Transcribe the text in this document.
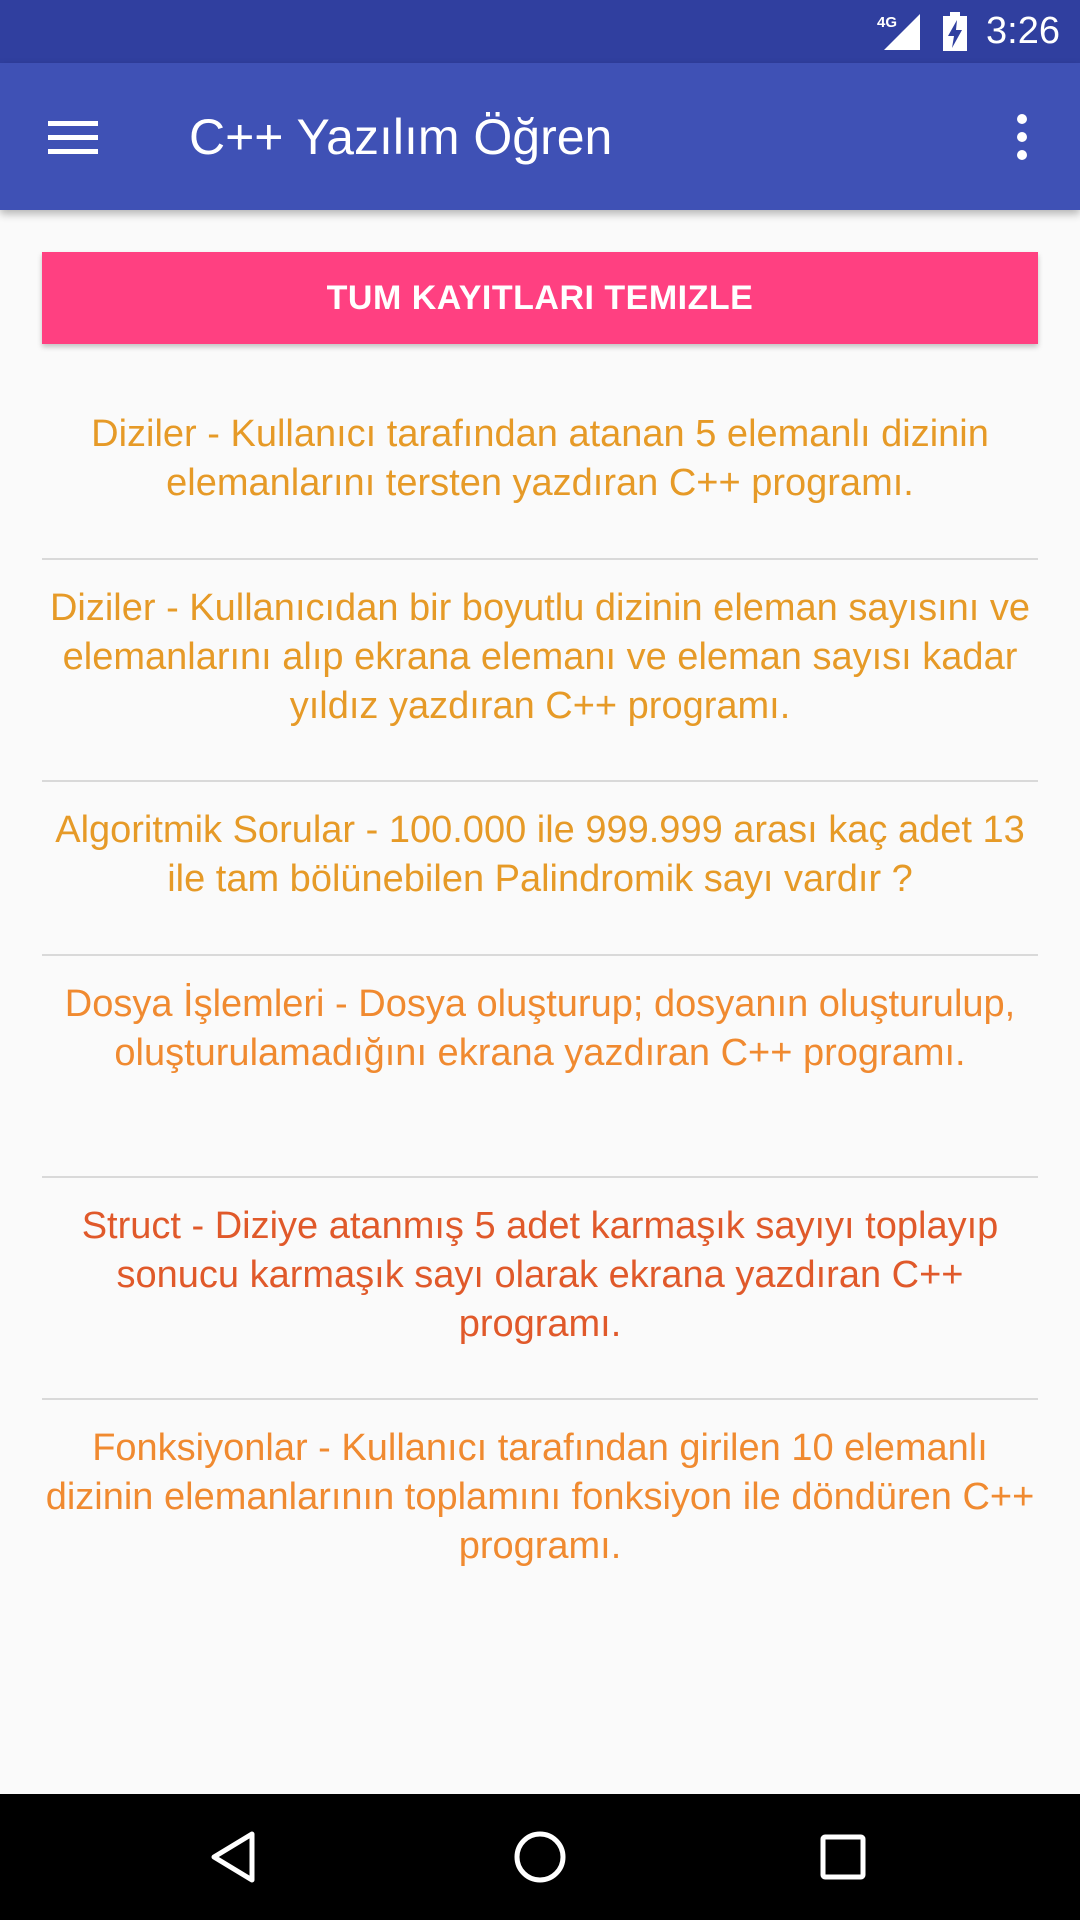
4G 3:26
C++ Yazılım Öğren
TUM KAYITLARI TEMIZLE
Diziler - Kullanıcı tarafından atanan 5 elemanlı dizinin elemanlarını tersten yazdıran C++ programı.
Diziler - Kullanıcıdan bir boyutlu dizinin eleman sayısını ve elemanlarını alıp ekrana elemanı ve eleman sayısı kadar yıldız yazdıran C++ programı.
Algoritmik Sorular - 100.000 ile 999.999 arası kaç adet 13 ile tam bölünebilen Palindromik sayı vardır ?
Dosya İşlemleri - Dosya oluşturup; dosyanın oluşturulup, oluşturulamadığını ekrana yazdıran C++ programı.
Struct - Diziye atanmış 5 adet karmaşık sayıyı toplayıp sonucu karmaşık sayı olarak ekrana yazdıran C++ programı.
Fonksiyonlar - Kullanıcı tarafından girilen 10 elemanlı dizinin elemanlarının toplamını fonksiyon ile döndüren C++ programı.
